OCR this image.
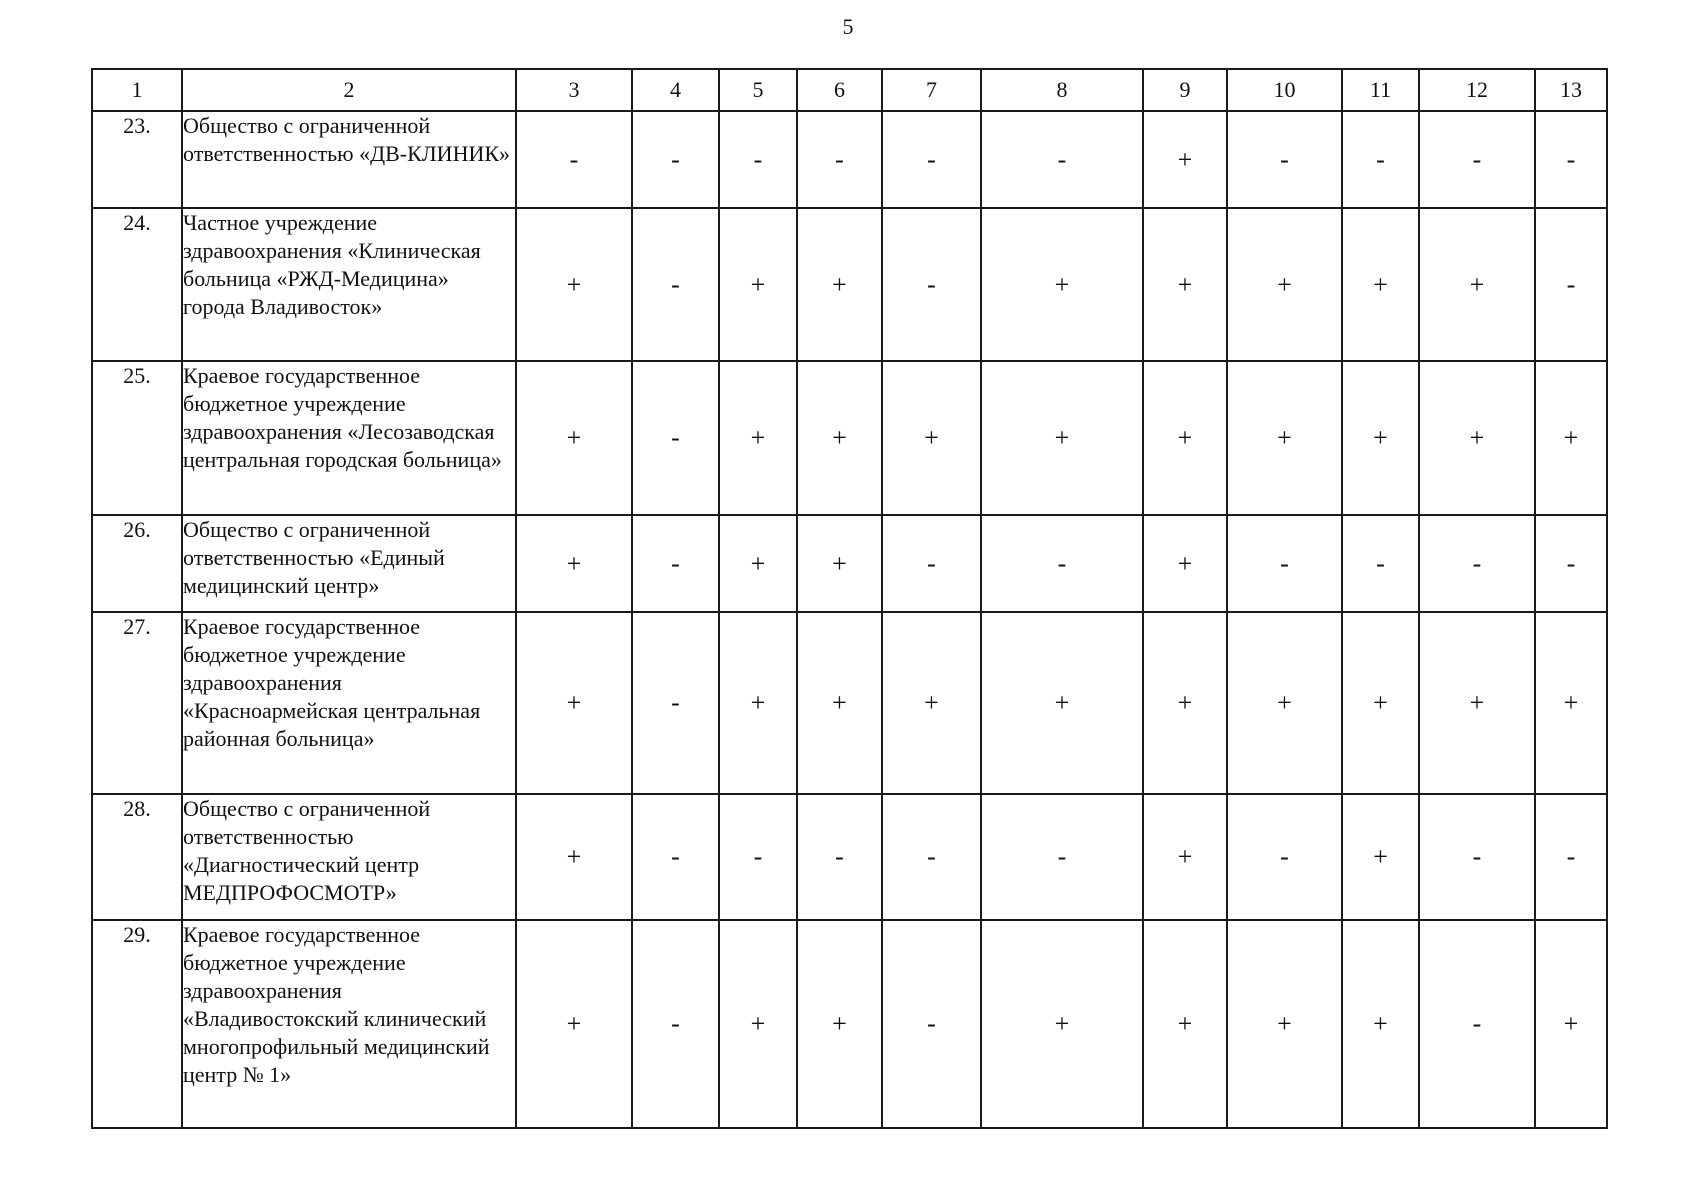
5
1	2	3	4	5	6	7	8	9	10	11	12	13
23.	Общество с ограниченной ответственностью «ДВ-КЛИНИК»	-	-	-	-	-	-	+	-	-	-	-
24.	Частное учреждение здравоохранения «Клиническая больница «РЖД-Медицина» города Владивосток»	+	-	+	+	-	+	+	+	+	+	-
25.	Краевое государственное бюджетное учреждение здравоохранения «Лесозаводская центральная городская больница»	+	-	+	+	+	+	+	+	+	+	+
26.	Общество с ограниченной ответственностью «Единый медицинский центр»	+	-	+	+	-	-	+	-	-	-	-
27.	Краевое государственное бюджетное учреждение здравоохранения «Красноармейская центральная районная больница»	+	-	+	+	+	+	+	+	+	+	+
28.	Общество с ограниченной ответственностью «Диагностический центр МЕДПРОФОСМОТР»	+	-	-	-	-	-	+	-	+	-	-
29.	Краевое государственное бюджетное учреждение здравоохранения «Владивостокский клинический многопрофильный медицинский центр № 1»	+	-	+	+	-	+	+	+	+	-	+
